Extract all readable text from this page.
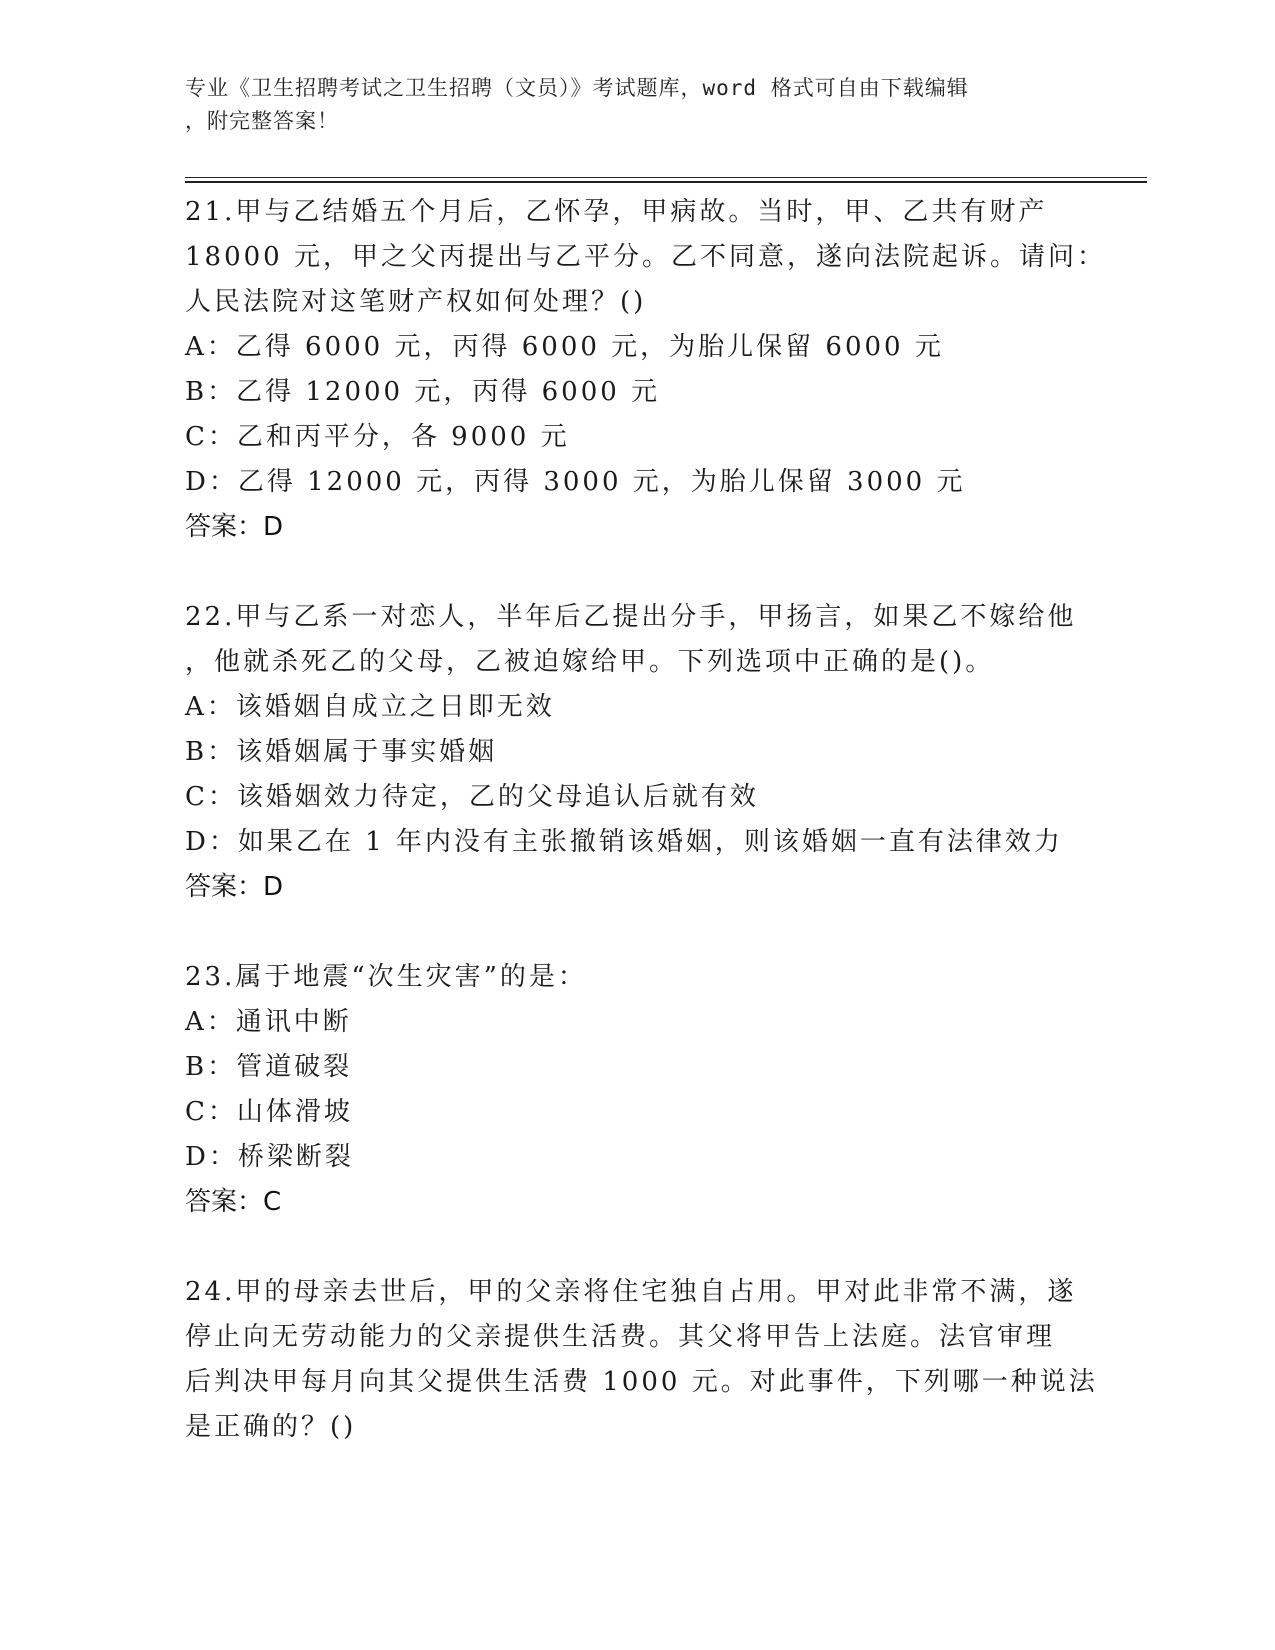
专业《卫生招聘考试之卫生招聘（文员）》考试题库，word 格式可自由下载编辑
，附完整答案！
21.甲与乙结婚五个月后，乙怀孕，甲病故。当时，甲、乙共有财产
18000 元，甲之父丙提出与乙平分。乙不同意，遂向法院起诉。请问：
人民法院对这笔财产权如何处理？()
A：乙得 6000 元，丙得 6000 元，为胎儿保留 6000 元
B：乙得 12000 元，丙得 6000 元
C：乙和丙平分，各 9000 元
D：乙得 12000 元，丙得 3000 元，为胎儿保留 3000 元
答案：D
22.甲与乙系一对恋人，半年后乙提出分手，甲扬言，如果乙不嫁给他
，他就杀死乙的父母，乙被迫嫁给甲。下列选项中正确的是()。
A：该婚姻自成立之日即无效
B：该婚姻属于事实婚姻
C：该婚姻效力待定，乙的父母追认后就有效
D：如果乙在 1 年内没有主张撤销该婚姻，则该婚姻一直有法律效力
答案：D
23.属于地震“次生灾害”的是：
A：通讯中断
B：管道破裂
C：山体滑坡
D：桥梁断裂
答案：C
24.甲的母亲去世后，甲的父亲将住宅独自占用。甲对此非常不满，遂
停止向无劳动能力的父亲提供生活费。其父将甲告上法庭。法官审理
后判决甲每月向其父提供生活费 1000 元。对此事件，下列哪一种说法
是正确的？()
